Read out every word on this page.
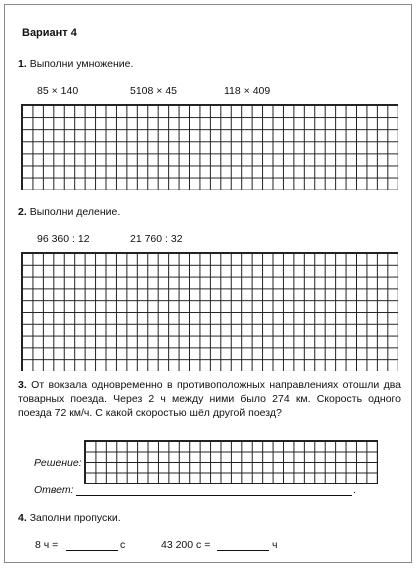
Вариант 4
1. Выполни умножение.
85 × 140	5108 × 45	118 × 409
2. Выполни деление.
96 360 : 12	21 760 : 32
3. От вокзала одновременно в противоположных направлениях отошли два товарных поезда. Через 2 ч между ними было 274 км. Скорость одного поезда 72 км/ч. С какой скоростью шёл другой поезд?
Решение:
Ответ:	.
4. Заполни пропуски.
8 ч =	с	43 200 с =	ч
